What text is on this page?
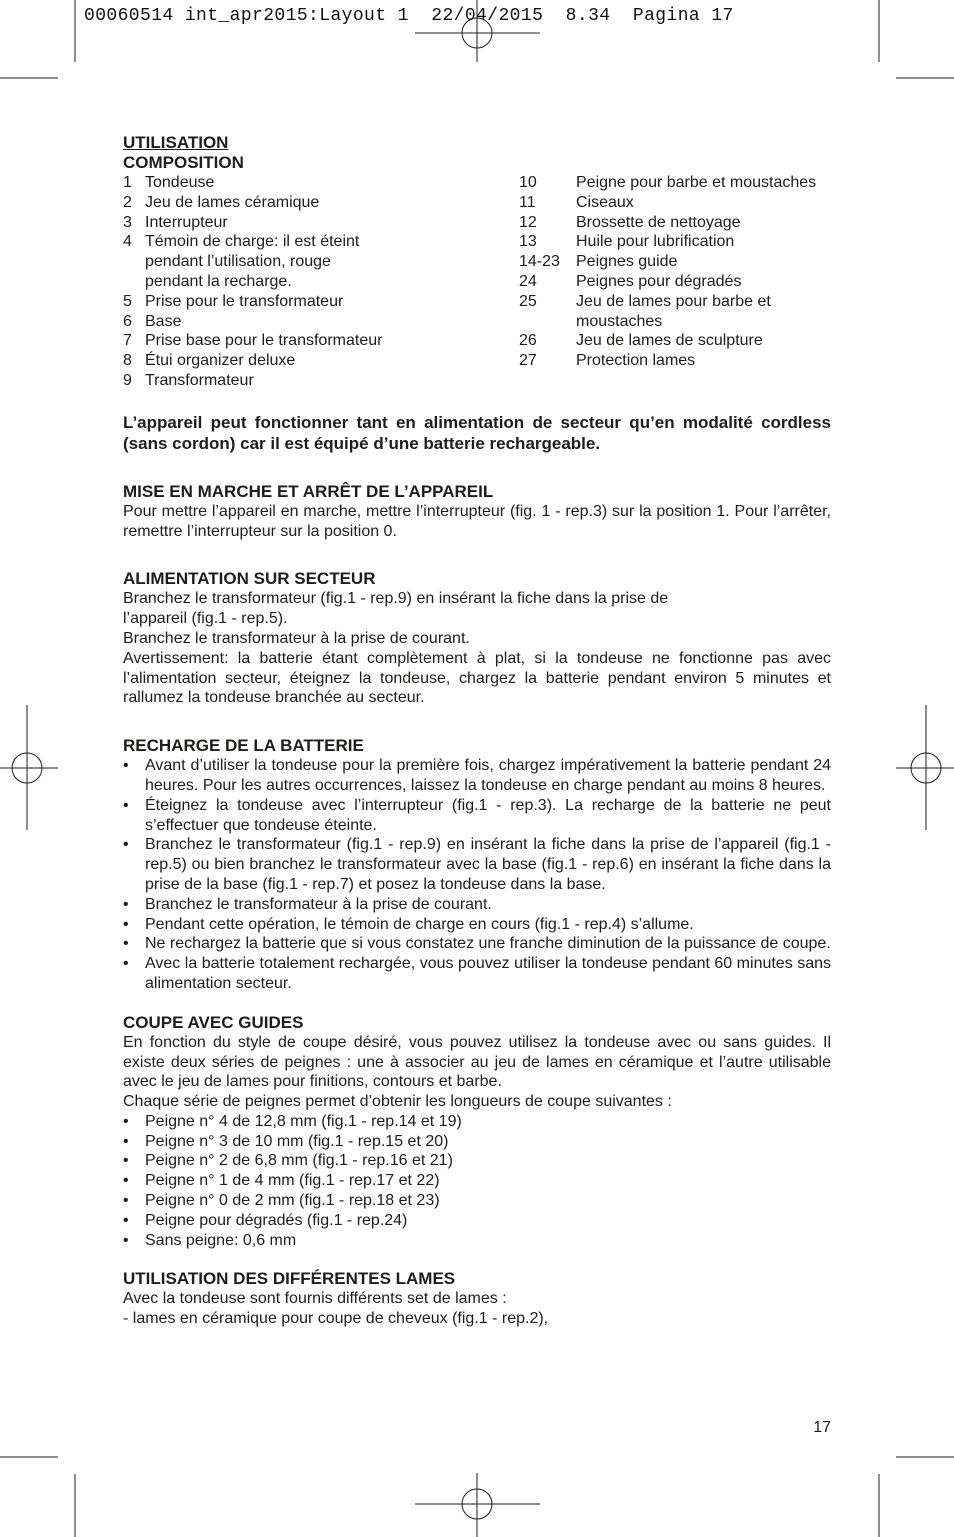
00060514 int_apr2015:Layout 1  22/04/2015  8.34  Pagina 17

UTILISATION

COMPOSITION

1 Tondeuse
2 Jeu de lames céramique
3 Interrupteur
4 Témoin de charge: il est éteint pendant l’utilisation, rouge pendant la recharge.
5 Prise pour le transformateur
6 Base
7 Prise base pour le transformateur
8 Étui organizer deluxe
9 Transformateur
10	Peigne pour barbe et moustaches
11	Ciseaux
12	Brossette de nettoyage
13	Huile pour lubrification
14-23	Peignes guide
24	Peignes pour dégradés
25	Jeu de lames pour barbe et moustaches
26	Jeu de lames de sculpture
27	Protection lames

L’appareil peut fonctionner tant en alimentation de secteur qu’en modalité cordless (sans cordon) car il est équipé d’une batterie rechargeable.

MISE EN MARCHE ET ARRÊT DE L’APPAREIL

Pour mettre l’appareil en marche, mettre l’interrupteur (fig. 1 - rep.3) sur la position 1. Pour l’arrêter, remettre l’interrupteur sur la position 0.

ALIMENTATION SUR SECTEUR

Branchez le transformateur (fig.1 - rep.9) en insérant la fiche dans la prise de

l’appareil (fig.1 - rep.5).

Branchez le transformateur à la prise de courant.

Avertissement: la batterie étant complètement à plat, si la tondeuse ne fonctionne pas avec l’alimentation secteur, éteignez la tondeuse, chargez la batterie pendant environ 5 minutes et rallumez la tondeuse branchée au secteur.

RECHARGE DE LA BATTERIE

•	Avant d’utiliser la tondeuse pour la première fois, chargez impérativement la batterie pendant 24 heures. Pour les autres occurrences, laissez la tondeuse en charge pendant au moins 8 heures.
•	Éteignez la tondeuse avec l’interrupteur (fig.1 - rep.3). La recharge de la batterie ne peut s’effectuer que tondeuse éteinte.
•	Branchez le transformateur (fig.1 - rep.9) en insérant la fiche dans la prise de l’appareil (fig.1 - rep.5) ou bien branchez le transformateur avec la base (fig.1 - rep.6) en insérant la fiche dans la prise de la base (fig.1 - rep.7) et posez la tondeuse dans la base.
•	Branchez le transformateur à la prise de courant.
•	Pendant cette opération, le témoin de charge en cours (fig.1 - rep.4) s’allume.
•	Ne rechargez la batterie que si vous constatez une franche diminution de la puissance de coupe.
•	Avec la batterie totalement rechargée, vous pouvez utiliser la tondeuse pendant 60 minutes sans alimentation secteur.

COUPE AVEC GUIDES

En fonction du style de coupe désiré, vous pouvez utilisez la tondeuse avec ou sans guides. Il existe deux séries de peignes : une à associer au jeu de lames en céramique et l’autre utilisable avec le jeu de lames pour finitions, contours et barbe.

Chaque série de peignes permet d’obtenir les longueurs de coupe suivantes :

•	Peigne n° 4 de 12,8 mm (fig.1 - rep.14 et 19)
•	Peigne n° 3 de 10 mm (fig.1 - rep.15 et 20)
•	Peigne n° 2 de 6,8 mm (fig.1 - rep.16 et 21)
•	Peigne n° 1 de 4 mm (fig.1 - rep.17 et 22)
•	Peigne n° 0 de 2 mm (fig.1 - rep.18 et 23)
•	Peigne pour dégradés (fig.1 - rep.24)
•	Sans peigne: 0,6 mm

UTILISATION DES DIFFÉRENTES LAMES

Avec la tondeuse sont fournis différents set de lames :

- lames en céramique pour coupe de cheveux (fig.1 - rep.2),

17
